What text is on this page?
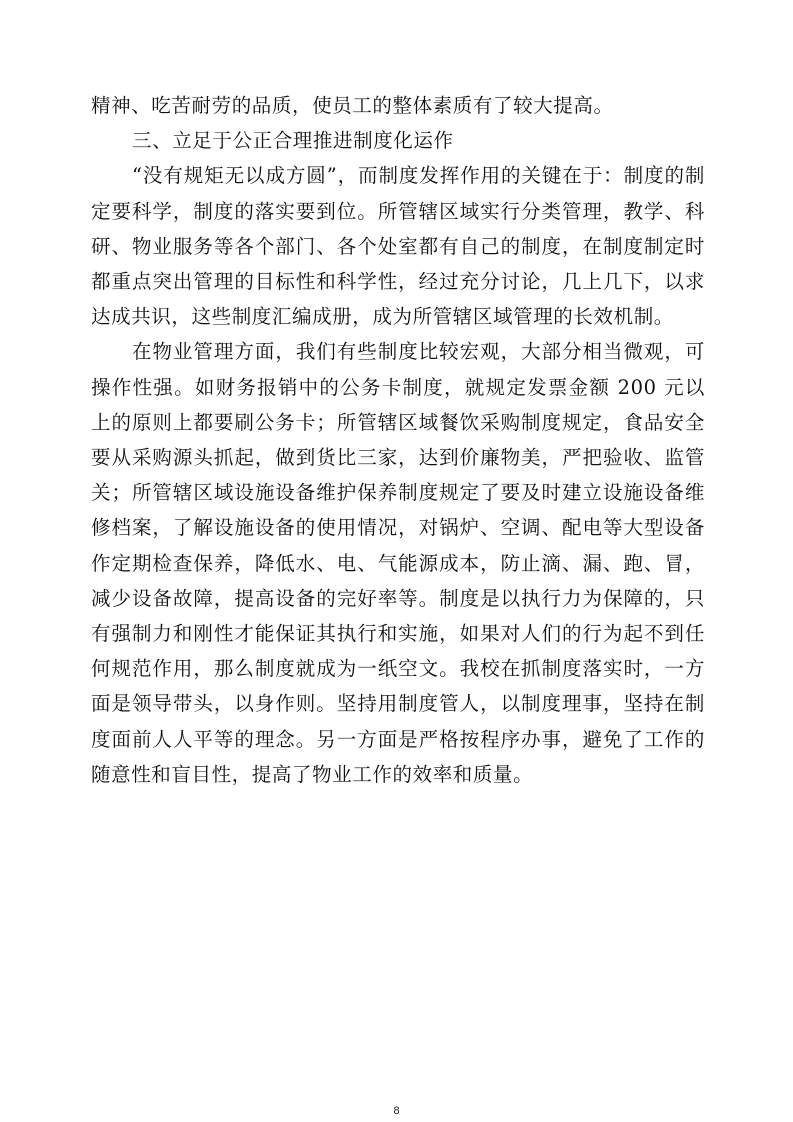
精神、吃苦耐劳的品质，使员工的整体素质有了较大提高。

三、立足于公正合理推进制度化运作

“没有规矩无以成方圆”，而制度发挥作用的关键在于：制度的制定要科学，制度的落实要到位。所管辖区域实行分类管理，教学、科研、物业服务等各个部门、各个处室都有自己的制度，在制度制定时都重点突出管理的目标性和科学性，经过充分讨论，几上几下，以求达成共识，这些制度汇编成册，成为所管辖区域管理的长效机制。

在物业管理方面，我们有些制度比较宏观，大部分相当微观，可操作性强。如财务报销中的公务卡制度，就规定发票金额 200 元以上的原则上都要刷公务卡；所管辖区域餐饮采购制度规定，食品安全要从采购源头抓起，做到货比三家，达到价廉物美，严把验收、监管关；所管辖区域设施设备维护保养制度规定了要及时建立设施设备维修档案，了解设施设备的使用情况，对锅炉、空调、配电等大型设备作定期检查保养，降低水、电、气能源成本，防止滴、漏、跑、冒，减少设备故障，提高设备的完好率等。制度是以执行力为保障的，只有强制力和刚性才能保证其执行和实施，如果对人们的行为起不到任何规范作用，那么制度就成为一纸空文。我校在抓制度落实时，一方面是领导带头，以身作则。坚持用制度管人，以制度理事，坚持在制度面前人人平等的理念。另一方面是严格按程序办事，避免了工作的随意性和盲目性，提高了物业工作的效率和质量。

8
